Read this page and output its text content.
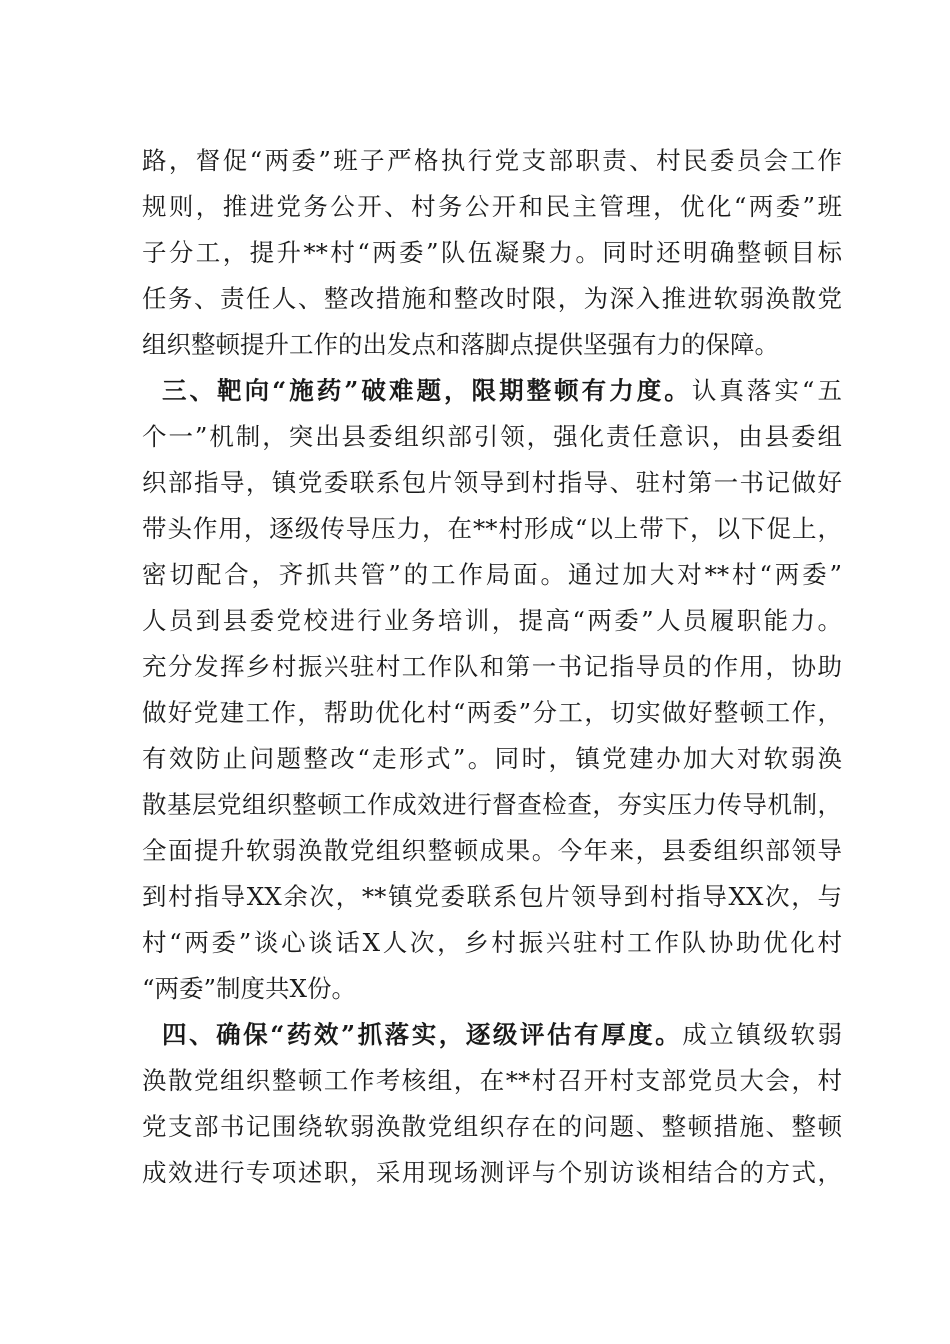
路，督促“两委”班子严格执行党支部职责、村民委员会工作
规则，推进党务公开、村务公开和民主管理，优化“两委”班
子分工，提升**村“两委”队伍凝聚力。同时还明确整顿目标
任务、责任人、整改措施和整改时限，为深入推进软弱涣散党
组织整顿提升工作的出发点和落脚点提供坚强有力的保障。
三、靶向“施药”破难题，限期整顿有力度。认真落实“五
个一”机制，突出县委组织部引领，强化责任意识，由县委组
织部指导，镇党委联系包片领导到村指导、驻村第一书记做好
带头作用，逐级传导压力，在**村形成“以上带下，以下促上，
密切配合，齐抓共管”的工作局面。通过加大对**村“两委”
人员到县委党校进行业务培训，提高“两委”人员履职能力。
充分发挥乡村振兴驻村工作队和第一书记指导员的作用，协助
做好党建工作，帮助优化村“两委”分工，切实做好整顿工作，
有效防止问题整改“走形式”。同时，镇党建办加大对软弱涣
散基层党组织整顿工作成效进行督查检查，夯实压力传导机制，
全面提升软弱涣散党组织整顿成果。今年来，县委组织部领导
到村指导XX余次，**镇党委联系包片领导到村指导XX次，与
村“两委”谈心谈话X人次，乡村振兴驻村工作队协助优化村
“两委”制度共X份。
四、确保“药效”抓落实，逐级评估有厚度。成立镇级软弱
涣散党组织整顿工作考核组，在**村召开村支部党员大会，村
党支部书记围绕软弱涣散党组织存在的问题、整顿措施、整顿
成效进行专项述职，采用现场测评与个别访谈相结合的方式，
